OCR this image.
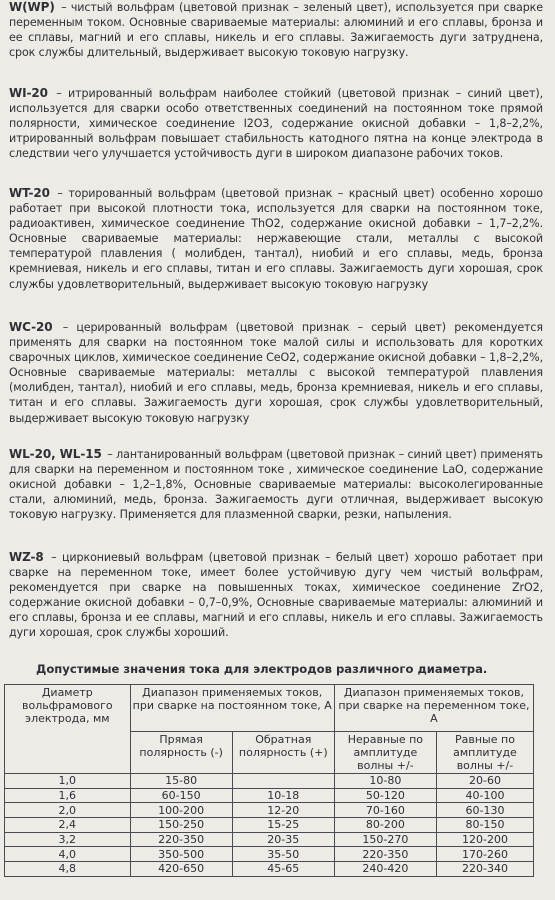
W(WP) – чистый вольфрам (цветовой признак – зеленый цвет), используется при сварке переменным током. Основные свариваемые материалы: алюминий и его сплавы, бронза и ее сплавы, магний и его сплавы, никель и его сплавы. Зажигаемость дуги затруднена, срок службы длительный, выдерживает высокую токовую нагрузку.

WI-20 – итрированный вольфрам наиболее стойкий (цветовой признак – синий цвет), используется для сварки особо ответственных соединений на постоянном токе прямой полярности, химическое соединение I2O3, содержание окисной добавки – 1,8–2,2%, итрированный вольфрам повышает стабильность катодного пятна на конце электрода в следствии чего улучшается устойчивость дуги в широком диапазоне рабочих токов.

WT-20 – торированный вольфрам (цветовой признак – красный цвет) особенно хорошо работает при высокой плотности тока, используется для сварки на постоянном токе, радиоактивен, химическое соединение ThO2, содержание окисной добавки – 1,7–2,2%. Основные свариваемые материалы: нержавеющие стали, металлы с высокой температурой плавления ( молибден, тантал), ниобий и его сплавы, медь, бронза кремниевая, никель и его сплавы, титан и его сплавы. Зажигаемость дуги хорошая, срок службы удовлетворительный, выдерживает высокую токовую нагрузку

WC-20 – церированный вольфрам (цветовой признак – серый цвет) рекомендуется применять для сварки на постоянном токе малой силы и использовать для коротких сварочных циклов, химическое соединение CeO2, содержание окисной добавки – 1,8–2,2%, Основные свариваемые материалы: металлы с высокой температурой плавления (молибден, тантал), ниобий и его сплавы, медь, бронза кремниевая, никель и его сплавы, титан и его сплавы. Зажигаемость дуги хорошая, срок службы удовлетворительный, выдерживает высокую токовую нагрузку

WL-20, WL-15 – лантанированный вольфрам (цветовой признак – синий цвет) применять для сварки на переменном и постоянном токе , химическое соединение LaO, содержание окисной добавки – 1,2–1,8%, Основные свариваемые материалы: высоколегированные стали, алюминий, медь, бронза. Зажигаемость дуги отличная, выдерживает высокую токовую нагрузку. Применяется для плазменной сварки, резки, напыления.

WZ-8 – циркониевый вольфрам (цветовой признак – белый цвет) хорошо работает при сварке на переменном токе, имеет более устойчивую дугу чем чистый вольфрам, рекомендуется при сварке на повышенных токах, химическое соединение ZrO2, содержание окисной добавки – 0,7–0,9%, Основные свариваемые материалы: алюминий и его сплавы, бронза и ее сплавы, магний и его сплавы, никель и его сплавы. Зажигаемость дуги хорошая, срок службы хороший.

Допустимые значения тока для электродов различного диаметра.

Диаметр вольфрамового электрода, мм	Диапазон применяемых токов, при сварке на постоянном токе, А		Диапазон применяемых токов, при сварке на переменном токе, А	
	Прямая полярность (-)	Обратная полярность (+)	Неравные по амплитуде волны +/-	Равные по амплитуде волны +/-
1,0	15-80		10-80	20-60
1,6	60-150	10-18	50-120	40-100
2,0	100-200	12-20	70-160	60-130
2,4	150-250	15-25	80-200	80-150
3,2	220-350	20-35	150-270	120-200
4,0	350-500	35-50	220-350	170-260
4,8	420-650	45-65	240-420	220-340
